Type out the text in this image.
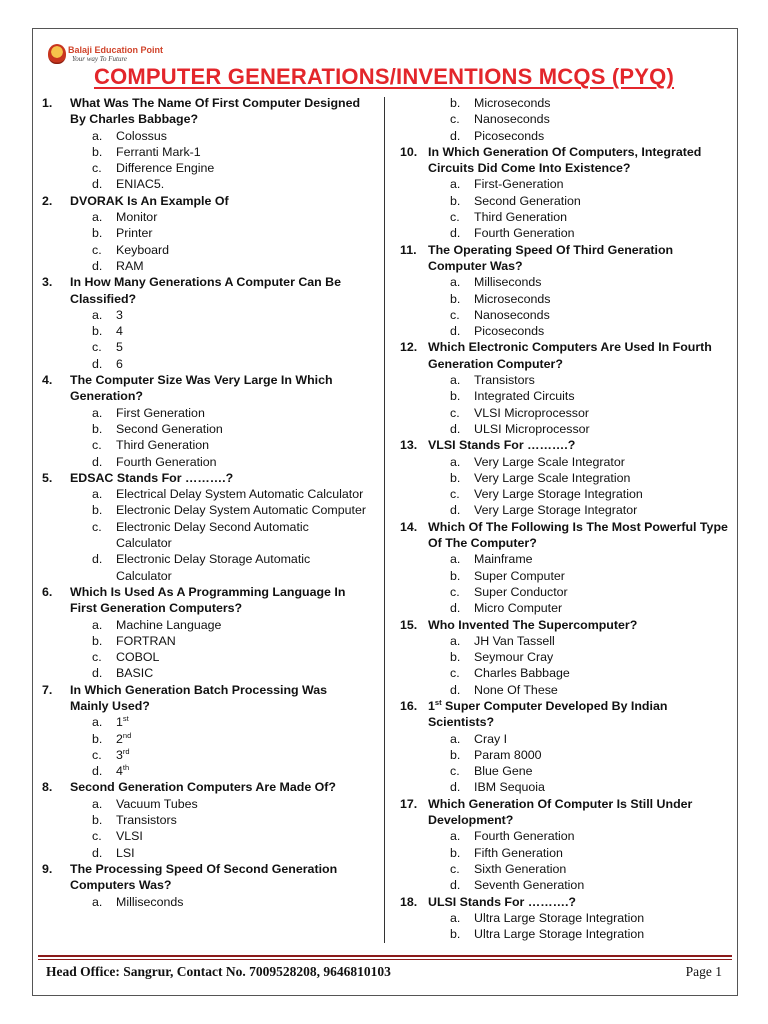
Balaji Education Point
Your way To Future
COMPUTER GENERATIONS/INVENTIONS MCQS (PYQ)
1.	What Was The Name Of First Computer Designed By Charles Babbage?
a. Colossus
b. Ferranti Mark-1
c. Difference Engine
d. ENIAC5.
2.	DVORAK Is An Example Of
a. Monitor
b. Printer
c. Keyboard
d. RAM
3.	In How Many Generations A Computer Can Be Classified?
a. 3
b. 4
c. 5
d. 6
4.	The Computer Size Was Very Large In Which Generation?
a. First Generation
b. Second Generation
c. Third Generation
d. Fourth Generation
5.	EDSAC Stands For ……….?
a. Electrical Delay System Automatic Calculator
b. Electronic Delay System Automatic Computer
c. Electronic Delay Second Automatic Calculator
d. Electronic Delay Storage Automatic Calculator
6.	Which Is Used As A Programming Language In First Generation Computers?
a. Machine Language
b. FORTRAN
c. COBOL
d. BASIC
7.	In Which Generation Batch Processing Was Mainly Used?
a. 1st
b. 2nd
c. 3rd
d. 4th
8.	Second Generation Computers Are Made Of?
a. Vacuum Tubes
b. Transistors
c. VLSI
d. LSI
9.	The Processing Speed Of Second Generation Computers Was?
a. Milliseconds
b. Microseconds
c. Nanoseconds
d. Picoseconds
10. In Which Generation Of Computers, Integrated Circuits Did Come Into Existence?
a. First-Generation
b. Second Generation
c. Third Generation
d. Fourth Generation
11. The Operating Speed Of Third Generation Computer Was?
a. Milliseconds
b. Microseconds
c. Nanoseconds
d. Picoseconds
12. Which Electronic Computers Are Used In Fourth Generation Computer?
a. Transistors
b. Integrated Circuits
c. VLSI Microprocessor
d. ULSI Microprocessor
13. VLSI Stands For ……….?
a. Very Large Scale Integrator
b. Very Large Scale Integration
c. Very Large Storage Integration
d. Very Large Storage Integrator
14. Which Of The Following Is The Most Powerful Type Of The Computer?
a. Mainframe
b. Super Computer
c. Super Conductor
d. Micro Computer
15. Who Invented The Supercomputer?
a. JH Van Tassell
b. Seymour Cray
c. Charles Babbage
d. None Of These
16. 1st Super Computer Developed By Indian Scientists?
a. Cray I
b. Param 8000
c. Blue Gene
d. IBM Sequoia
17. Which Generation Of Computer Is Still Under Development?
a. Fourth Generation
b. Fifth Generation
c. Sixth Generation
d. Seventh Generation
18. ULSI Stands For ……….?
a. Ultra Large Storage Integration
b. Ultra Large Storage Integration
Head Office: Sangrur, Contact No. 7009528208, 9646810103	Page 1
